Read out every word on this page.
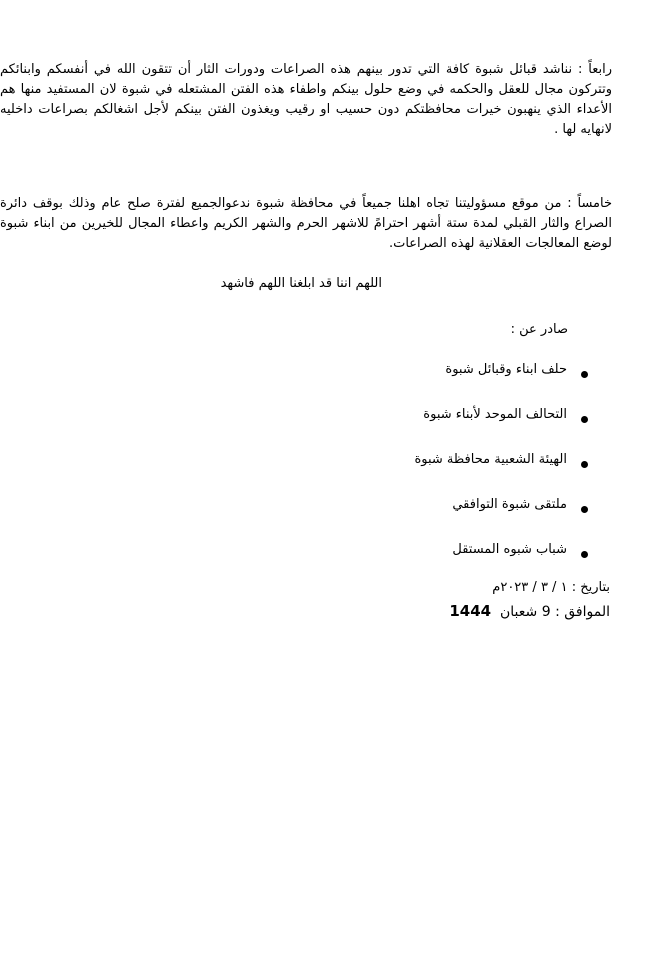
رابعاً : نناشد قبائل شبوة كافة التي تدور بينهم هذه الصراعات ودورات الثار أن تتقون الله في أنفسكم وابنائكم وتتركون مجال للعقل والحكمه في وضع حلول بينكم واطفاء هذه الفتن المشتعله في شبوة لان المستفيد منها هم الأعداء الذي ينهبون خيرات محافظتكم دون حسيب او رقيب ويغذون الفتن بينكم لأجل اشغالكم بصراعات داخليه لانهايه لها .

خامساً : من موقع مسؤوليتنا تجاه اهلنا جميعاً في محافظة شبوة ندعوالجميع لفترة صلح عام وذلك بوقف دائرة الصراع والثار القبلي لمدة ستة أشهر احترامً للاشهر الحرم والشهر الكريم واعطاء المجال للخيرين من ابناء شبوة لوضع المعالجات العقلانية لهذه الصراعات.

اللهم اننا قد ابلغنا اللهم فاشهد

صادر عن :

حلف ابناء وقبائل شبوة
التحالف الموحد لأبناء شبوة
الهيئة الشعبية محافظة شبوة
ملتقى شبوة التوافقي
شباب شبوه المستقل

بتاريخ : ١ / ٣ / ٢٠٢٣م

الموافق : 9 شعبان  1444
